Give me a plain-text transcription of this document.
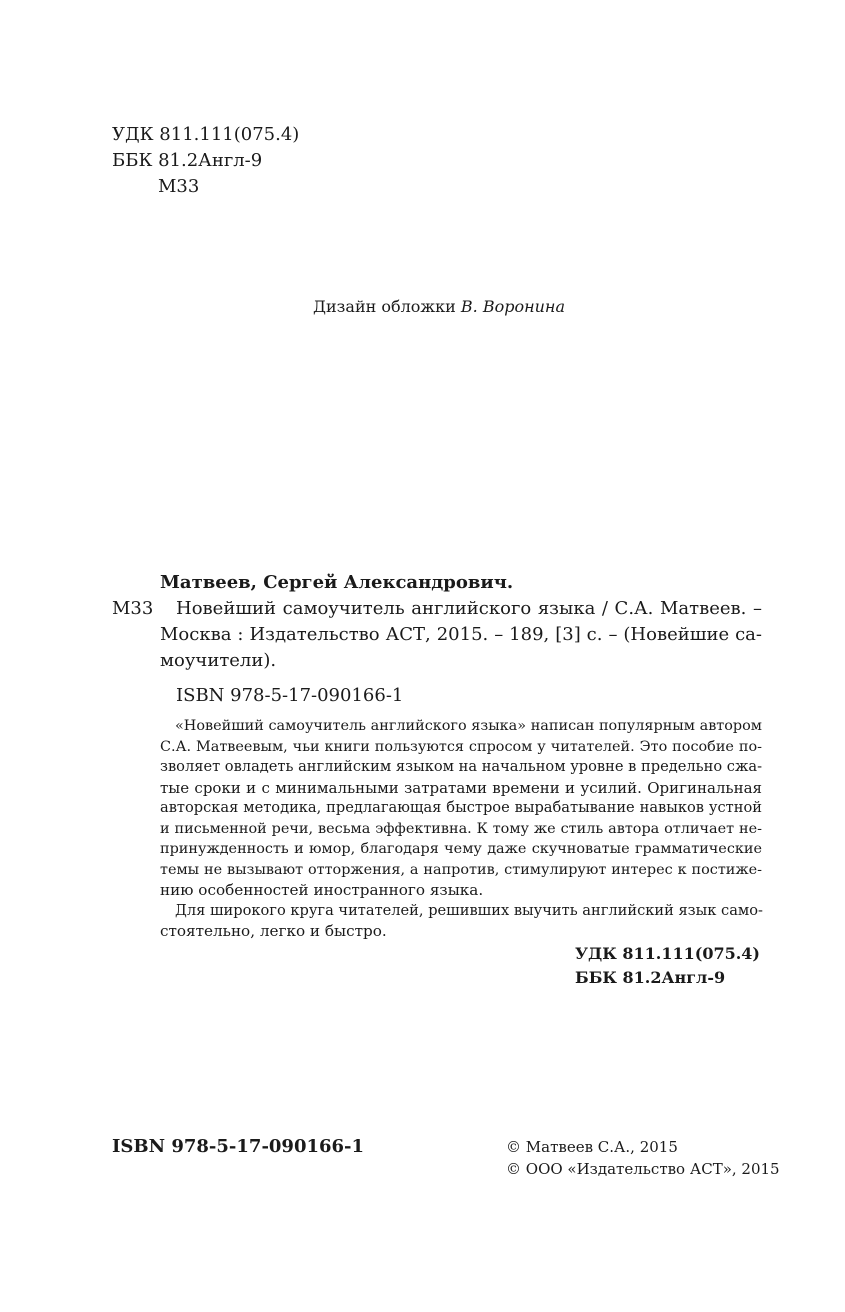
УДК 811.111(075.4)
ББК 81.2Англ-9
М33
Дизайн обложки В. Воронина
Матвеев, Сергей Александрович.
М33	Новейший самоучитель английского языка / С.А. Матвеев. –
Москва : Издательство АСТ, 2015. – 189, [3] с. – (Новейшие са-
моучители).
ISBN 978-5-17-090166-1
«Новейший самоучитель английского языка» написан популярным автором
С.А. Матвеевым, чьи книги пользуются спросом у читателей. Это пособие по-
зволяет овладеть английским языком на начальном уровне в предельно сжа-
тые сроки и с минимальными затратами времени и усилий. Оригинальная
авторская методика, предлагающая быстрое вырабатывание навыков устной
и письменной речи, весьма эффективна. К тому же стиль автора отличает не-
принужденность и юмор, благодаря чему даже скучноватые грамматические
темы не вызывают отторжения, а напротив, стимулируют интерес к постиже-
нию особенностей иностранного языка.
Для широкого круга читателей, решивших выучить английский язык само-
стоятельно, легко и быстро.
УДК 811.111(075.4)
ББК 81.2Англ-9
ISBN 978-5-17-090166-1	© Матвеев С.А., 2015
© ООО «Издательство АСТ», 2015
